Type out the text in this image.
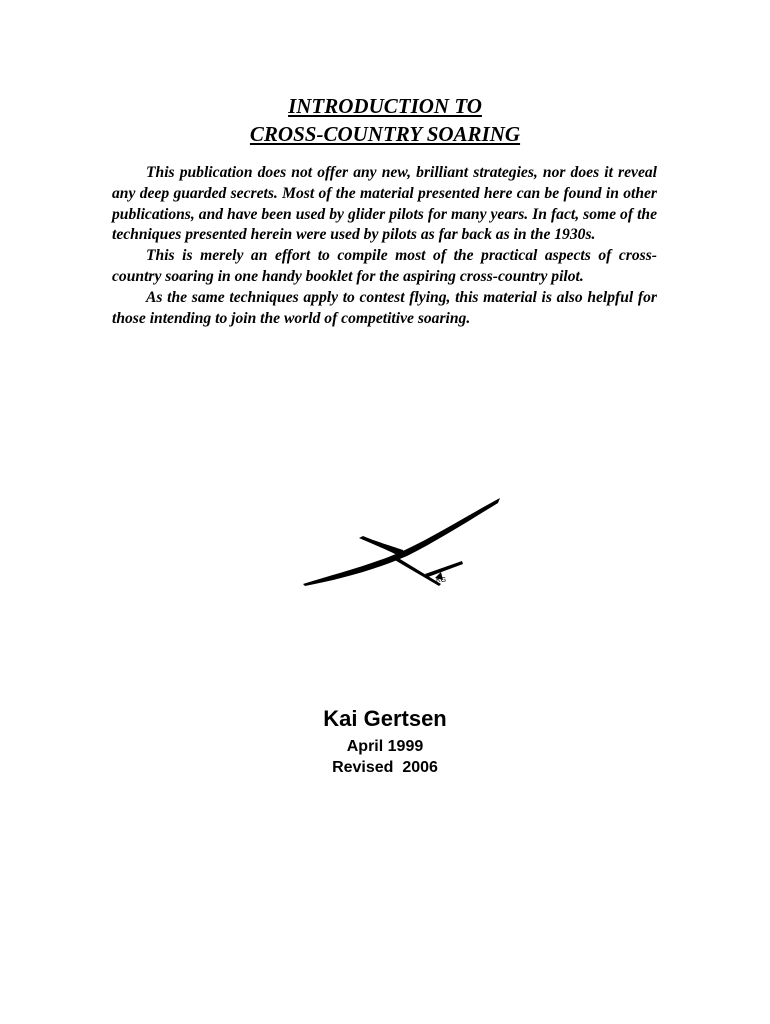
INTRODUCTION TO
CROSS-COUNTRY SOARING

This publication does not offer any new, brilliant strategies, nor does it reveal any deep guarded secrets. Most of the material presented here can be found in other publications, and have been used by glider pilots for many years. In fact, some of the techniques presented herein were used by pilots as far back as in the 1930s.

This is merely an effort to compile most of the practical aspects of cross-country soaring in one handy booklet for the aspiring cross-country pilot.

As the same techniques apply to contest flying, this material is also helpful for those intending to join the world of competitive soaring.

KG
Kai Gertsen
April 1999
Revised  2006
